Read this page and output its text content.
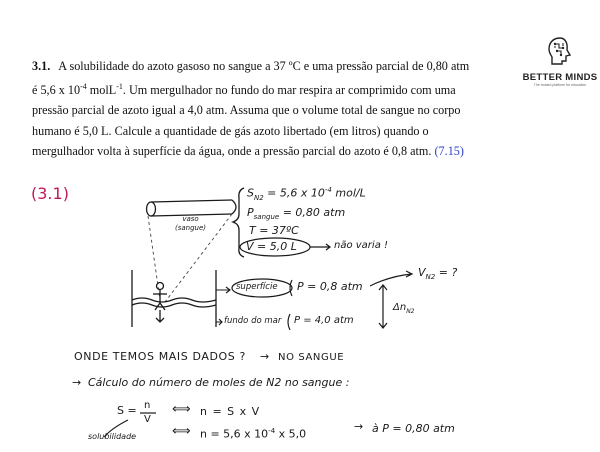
3.1. A solubilidade do azoto gasoso no sangue a 37 ºC e uma pressão parcial de 0,80 atm
é 5,6 x $10^{-4}$ molL$^{-1}$. Um mergulhador no fundo do mar respira ar comprimido com uma
pressão parcial de azoto igual a 4,0 atm. Assuma que o volume total de sangue no corpo
humano é 5,0 L. Calcule a quantidade de gás azoto libertado (em litros) quando o
mergulhador volta à superfície da água, onde a pressão parcial do azoto é 0,8 atm. (7.15)
BETTER MINDS
The trusted platform for education
(3.1)
vaso
(sangue)
$S_{N2} = 5,6$ x $10^{-4}$ mol/L
$P_{sangue} = 0,80$ atm
T = 37ºC
V = 5,0 L	não varia !
superfície P = 0,8 atm
$V_{N2}$ = ?
$\Delta n_{N2}$
fundo do mar P = 4,0 atm
ONDE TEMOS MAIS DADOS ? → NO SANGUE
→ Cálculo do número de moles de N2 no sangue :
S = n
V
⟺ n = S x V
⟺ n = 5,6 x $10^{-4}$ x 5,0
→ à P = 0,80 atm
solubilidade
